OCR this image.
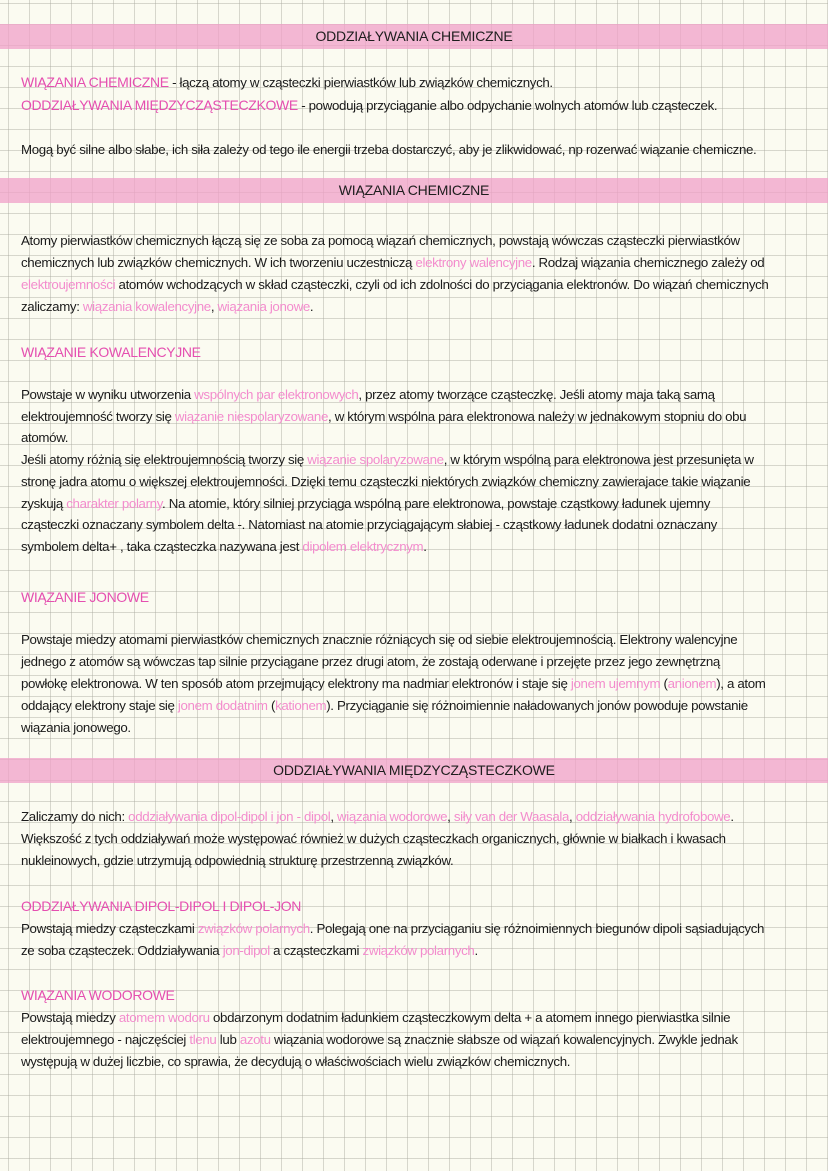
ODDZIAŁYWANIA CHEMICZNE
WIĄZANIA CHEMICZNE
ODDZIAŁYWANIA MIĘDZYCZĄSTECZKOWE
WIĄZANIA CHEMICZNE - łączą atomy w cząsteczki pierwiastków lub związków chemicznych.
ODDZIAŁYWANIA MIĘDZYCZĄSTECZKOWE - powodują przyciąganie albo odpychanie wolnych atomów lub cząsteczek.
Mogą być silne albo słabe, ich siła zależy od tego ile energii trzeba dostarczyć, aby je zlikwidować, np rozerwać wiązanie chemiczne.
Atomy pierwiastków chemicznych łączą się ze soba za pomocą wiązań chemicznych, powstają wówczas cząsteczki pierwiastków
chemicznych lub związków chemicznych. W ich tworzeniu uczestniczą elektrony walencyjne. Rodzaj wiązania chemicznego zależy od
elektroujemności atomów wchodzących w skład cząsteczki, czyli od ich zdolności do przyciągania elektronów. Do wiązań chemicznych
zaliczamy: wiązania kowalencyjne, wiązania jonowe.
WIĄZANIE KOWALENCYJNE
Powstaje w wyniku utworzenia wspólnych par elektronowych, przez atomy tworzące cząsteczkę. Jeśli atomy maja taką samą
elektroujemność tworzy się wiązanie niespolaryzowane, w którym wspólna para elektronowa należy w jednakowym stopniu do obu
atomów.
Jeśli atomy różnią się elektroujemnością tworzy się wiązanie spolaryzowane, w którym wspólną para elektronowa jest przesunięta w
stronę jadra atomu o większej elektroujemności. Dzięki temu cząsteczki niektórych związków chemiczny zawierajace takie wiązanie
zyskują charakter polarny. Na atomie, który silniej przyciąga wspólną pare elektronowa, powstaje cząstkowy ładunek ujemny
cząsteczki oznaczany symbolem delta -. Natomiast na atomie przyciągającym słabiej - cząstkowy ładunek dodatni oznaczany
symbolem delta+ , taka cząsteczka nazywana jest dipolem elektrycznym.
WIĄZANIE JONOWE
Powstaje miedzy atomami pierwiastków chemicznych znacznie różniących się od siebie elektroujemnością. Elektrony walencyjne
jednego z atomów są wówczas tap silnie przyciągane przez drugi atom, że zostają oderwane i przejęte przez jego zewnętrzną
powłokę elektronowa. W ten sposób atom przejmujący elektrony ma nadmiar elektronów i staje się jonem ujemnym (anionem), a atom
oddający elektrony staje się jonem dodatnim (kationem). Przyciąganie się różnoimiennie naładowanych jonów powoduje powstanie
wiązania jonowego.
Zaliczamy do nich: oddziaływania dipol-dipol i jon - dipol, wiązania wodorowe, siły van der Waasala, oddziaływania hydrofobowe.
Większość z tych oddziaływań może występować również w dużych cząsteczkach organicznych, głównie w białkach i kwasach
nukleinowych, gdzie utrzymują odpowiednią strukturę przestrzenną związków.
ODDZIAŁYWANIA DIPOL-DIPOL I DIPOL-JON
Powstają miedzy cząsteczkami związków polarnych. Polegają one na przyciąganiu się różnoimiennych biegunów dipoli sąsiadujących
ze soba cząsteczek. Oddziaływania jon-dipol a cząsteczkami związków polarnych.
WIĄZANIA WODOROWE
Powstają miedzy atomem wodoru obdarzonym dodatnim ładunkiem cząsteczkowym delta + a atomem innego pierwiastka silnie
elektroujemnego - najczęściej tlenu lub azotu wiązania wodorowe są znacznie słabsze od wiązań kowalencyjnych. Zwykle jednak
występują w dużej liczbie, co sprawia, że decydują o właściwościach wielu związków chemicznych.
